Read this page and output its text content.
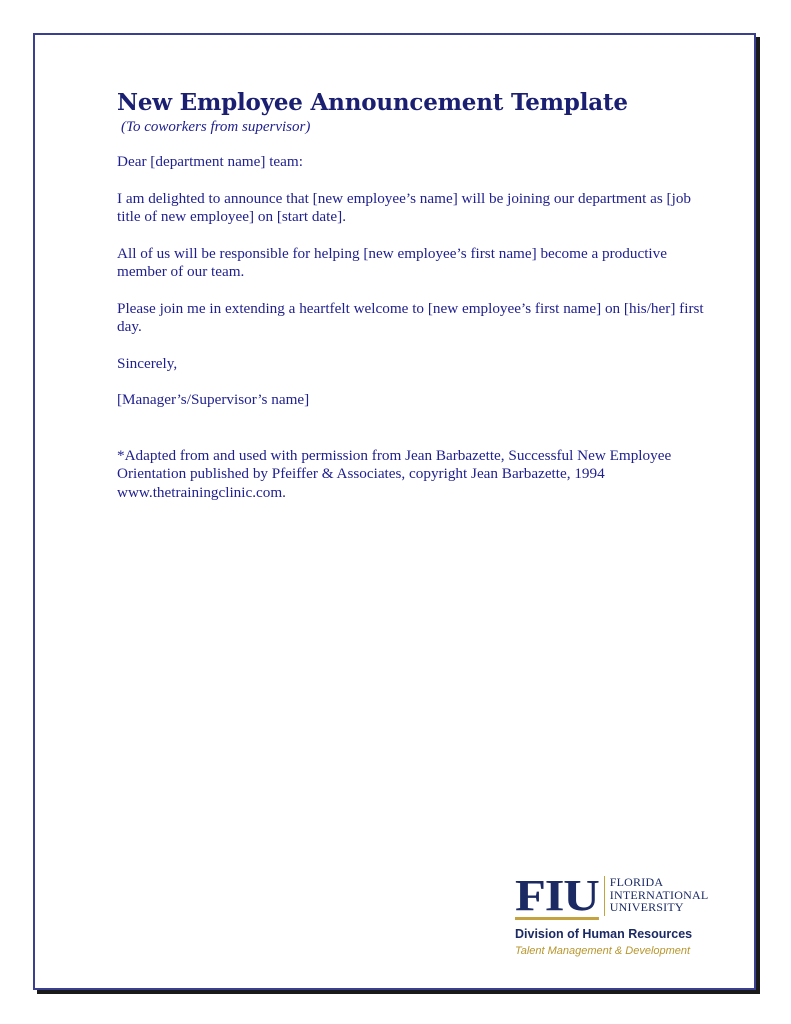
New Employee Announcement Template

(To coworkers from supervisor)

Dear [department name] team:

I am delighted to announce that [new employee’s name] will be joining our department as [job title of new employee] on [start date].

All of us will be responsible for helping [new employee’s first name] become a productive member of our team.

Please join me in extending a heartfelt welcome to [new employee’s first name] on [his/her] first day.

Sincerely,

[Manager’s/Supervisor’s name]

*Adapted from and used with permission from Jean Barbazette, Successful New Employee Orientation published by Pfeiffer & Associates, copyright Jean Barbazette, 1994 www.thetrainingclinic.com.

FIU FLORIDA
INTERNATIONAL
UNIVERSITY
Division of Human Resources
Talent Management & Development
